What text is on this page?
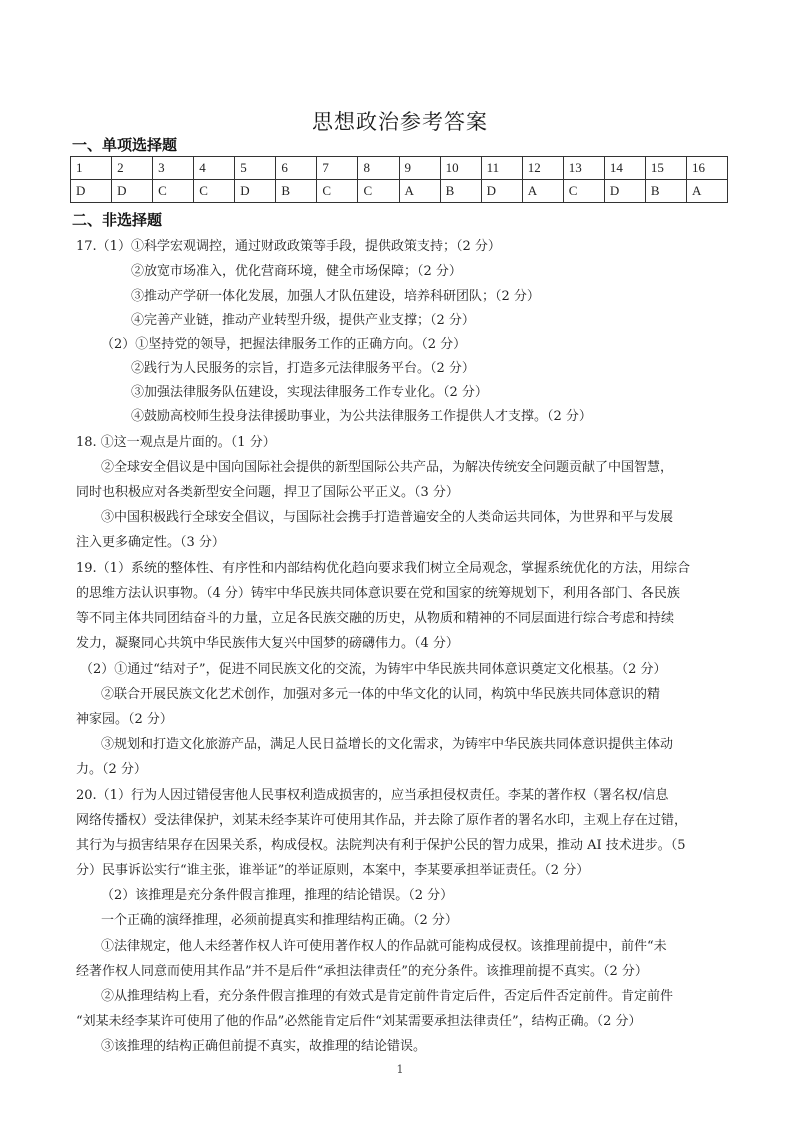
思想政治参考答案
一、单项选择题
1	2	3	4	5	6	7	8	9	10	11	12	13	14	15	16
D	D	C	C	D	B	C	C	A	B	D	A	C	D	B	A
二、非选择题
17.（1）①科学宏观调控，通过财政政策等手段，提供政策支持；（2 分）
②放宽市场准入，优化营商环境，健全市场保障；（2 分）
③推动产学研一体化发展，加强人才队伍建设，培养科研团队；（2 分）
④完善产业链，推动产业转型升级，提供产业支撑；（2 分）
（2）①坚持党的领导，把握法律服务工作的正确方向。（2 分）
②践行为人民服务的宗旨，打造多元法律服务平台。（2 分）
③加强法律服务队伍建设，实现法律服务工作专业化。（2 分）
④鼓励高校师生投身法律援助事业，为公共法律服务工作提供人才支撑。（2 分）
18. ①这一观点是片面的。（1 分）
②全球安全倡议是中国向国际社会提供的新型国际公共产品，为解决传统安全问题贡献了中国智慧，
同时也积极应对各类新型安全问题，捍卫了国际公平正义。（3 分）
③中国积极践行全球安全倡议，与国际社会携手打造普遍安全的人类命运共同体，为世界和平与发展
注入更多确定性。（3 分）
19.（1）系统的整体性、有序性和内部结构优化趋向要求我们树立全局观念，掌握系统优化的方法，用综合
的思维方法认识事物。（4 分）铸牢中华民族共同体意识要在党和国家的统筹规划下，利用各部门、各民族
等不同主体共同团结奋斗的力量，立足各民族交融的历史，从物质和精神的不同层面进行综合考虑和持续
发力，凝聚同心共筑中华民族伟大复兴中国梦的磅礴伟力。（4 分）
（2）①通过“结对子”，促进不同民族文化的交流，为铸牢中华民族共同体意识奠定文化根基。（2 分）
②联合开展民族文化艺术创作，加强对多元一体的中华文化的认同，构筑中华民族共同体意识的精
神家园。（2 分）
③规划和打造文化旅游产品，满足人民日益增长的文化需求，为铸牢中华民族共同体意识提供主体动
力。（2 分）
20.（1）行为人因过错侵害他人民事权利造成损害的，应当承担侵权责任。李某的著作权（署名权/信息
网络传播权）受法律保护，刘某未经李某许可使用其作品，并去除了原作者的署名水印，主观上存在过错，
其行为与损害结果存在因果关系，构成侵权。法院判决有利于保护公民的智力成果，推动 AI 技术进步。（5
分）民事诉讼实行“谁主张，谁举证”的举证原则，本案中，李某要承担举证责任。（2 分）
（2）该推理是充分条件假言推理，推理的结论错误。（2 分）
一个正确的演绎推理，必须前提真实和推理结构正确。（2 分）
①法律规定，他人未经著作权人许可使用著作权人的作品就可能构成侵权。该推理前提中，前件“未
经著作权人同意而使用其作品”并不是后件“承担法律责任”的充分条件。该推理前提不真实。（2 分）
②从推理结构上看，充分条件假言推理的有效式是肯定前件肯定后件，否定后件否定前件。肯定前件
“刘某未经李某许可使用了他的作品”必然能肯定后件“刘某需要承担法律责任”，结构正确。（2 分）
③该推理的结构正确但前提不真实，故推理的结论错误。
1
